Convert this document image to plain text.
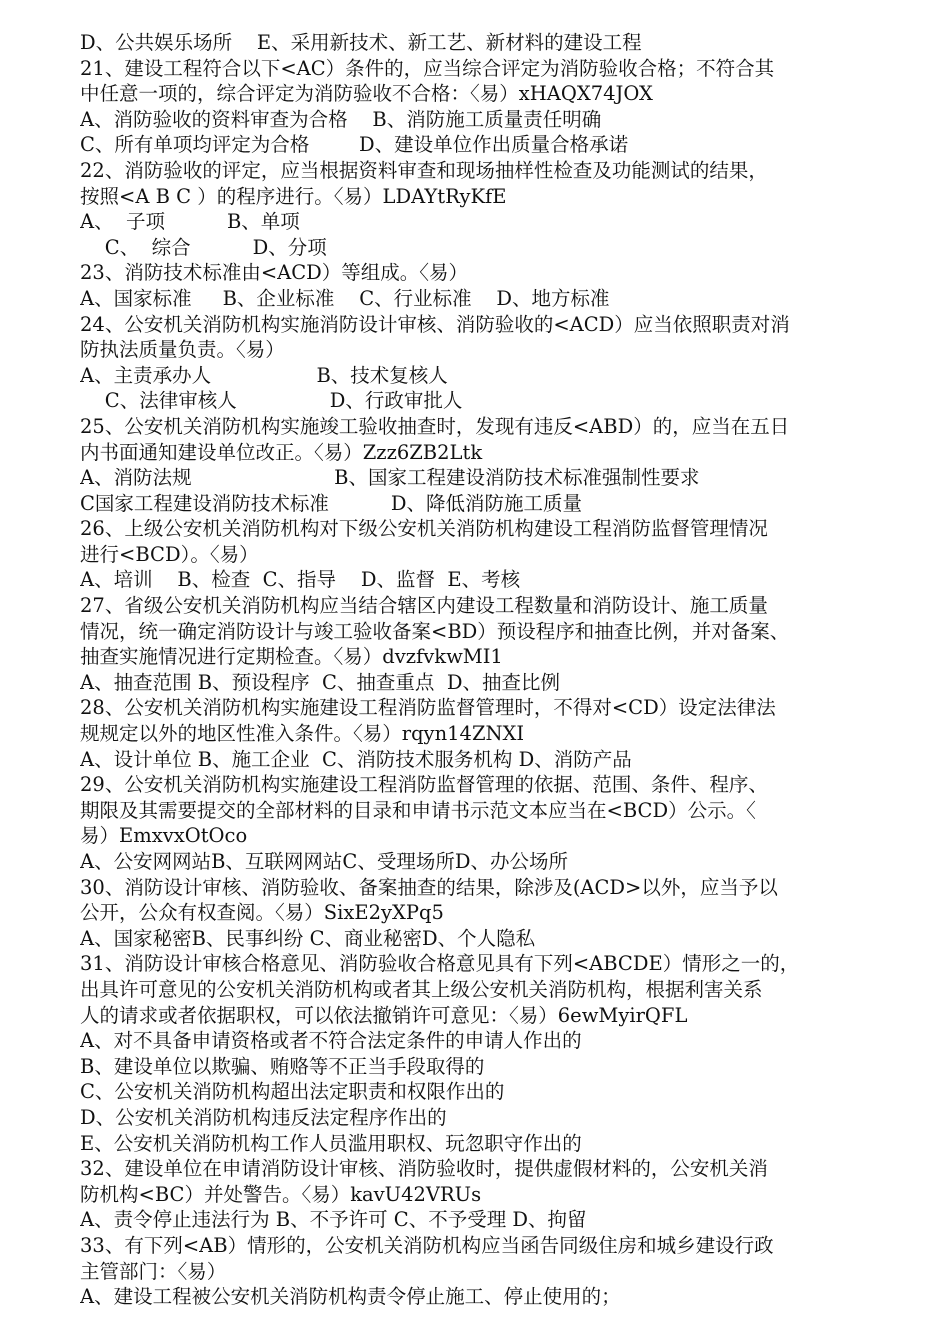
D、公共娱乐场所    E、采用新技术、新工艺、新材料的建设工程
21、建设工程符合以下<AC）条件的，应当综合评定为消防验收合格；不符合其
中任意一项的，综合评定为消防验收不合格：〈易）xHAQX74JOX
A、消防验收的资料审查为合格    B、消防施工质量责任明确
C、所有单项均评定为合格        D、建设单位作出质量合格承诺
22、消防验收的评定，应当根据资料审查和现场抽样性检查及功能测试的结果，
按照<A B C ）的程序进行。〈易）LDAYtRyKfE
A、  子项          B、单项
C、  综合          D、分项
23、消防技术标准由<ACD）等组成。〈易）
A、国家标准     B、企业标准    C、行业标准    D、地方标准
24、公安机关消防机构实施消防设计审核、消防验收的<ACD）应当依照职责对消
防执法质量负责。〈易）
A、主责承办人                 B、技术复核人
C、法律审核人               D、行政审批人
25、公安机关消防机构实施竣工验收抽查时，发现有违反<ABD）的，应当在五日
内书面通知建设单位改正。〈易）Zzz6ZB2Ltk
A、消防法规                       B、国家工程建设消防技术标准强制性要求
C国家工程建设消防技术标准          D、降低消防施工质量
26、上级公安机关消防机构对下级公安机关消防机构建设工程消防监督管理情况
进行<BCD）。〈易）
A、培训    B、检查  C、指导    D、监督  E、考核
27、省级公安机关消防机构应当结合辖区内建设工程数量和消防设计、施工质量
情况，统一确定消防设计与竣工验收备案<BD）预设程序和抽查比例，并对备案、
抽查实施情况进行定期检查。〈易）dvzfvkwMI1
A、抽查范围 B、预设程序  C、抽查重点  D、抽查比例
28、公安机关消防机构实施建设工程消防监督管理时，不得对<CD）设定法律法
规规定以外的地区性准入条件。〈易）rqyn14ZNXI
A、设计单位 B、施工企业  C、消防技术服务机构 D、消防产品
29、公安机关消防机构实施建设工程消防监督管理的依据、范围、条件、程序、
期限及其需要提交的全部材料的目录和申请书示范文本应当在<BCD）公示。〈
易）EmxvxOtOco
A、公安网网站B、互联网网站C、受理场所D、办公场所
30、消防设计审核、消防验收、备案抽查的结果，除涉及(ACD>以外，应当予以
公开，公众有权查阅。〈易）SixE2yXPq5
A、国家秘密B、民事纠纷 C、商业秘密D、个人隐私
31、消防设计审核合格意见、消防验收合格意见具有下列<ABCDE）情形之一的，
出具许可意见的公安机关消防机构或者其上级公安机关消防机构，根据利害关系
人的请求或者依据职权，可以依法撤销许可意见：〈易）6ewMyirQFL
A、对不具备申请资格或者不符合法定条件的申请人作出的
B、建设单位以欺骗、贿赂等不正当手段取得的
C、公安机关消防机构超出法定职责和权限作出的
D、公安机关消防机构违反法定程序作出的
E、公安机关消防机构工作人员滥用职权、玩忽职守作出的
32、建设单位在申请消防设计审核、消防验收时，提供虚假材料的，公安机关消
防机构<BC）并处警告。〈易）kavU42VRUs
A、责令停止违法行为 B、不予许可 C、不予受理 D、拘留
33、有下列<AB）情形的，公安机关消防机构应当函告同级住房和城乡建设行政
主管部门：〈易）
A、建设工程被公安机关消防机构责令停止施工、停止使用的；
